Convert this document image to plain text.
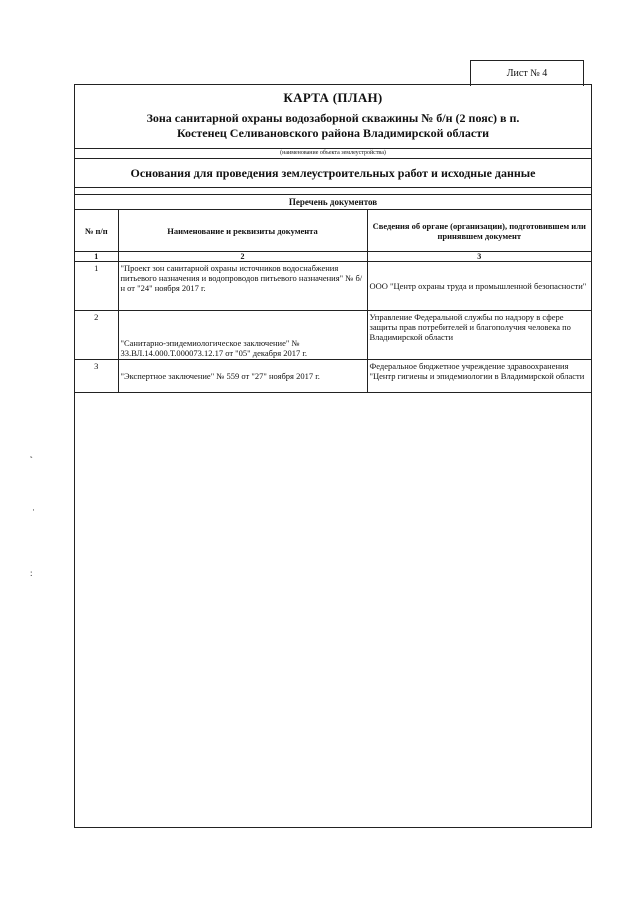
Лист № 4
КАРТА (ПЛАН)
Зона санитарной охраны водозаборной скважины № б/н (2 пояс) в п.
Костенец Селивановского района Владимирской области
(наименование объекта землеустройства)
Основания для проведения землеустроительных работ и исходные данные
Перечень документов
№ п/п	Наименование и реквизиты документа	Сведения об органе (организации), подготовившем или принявшем документ
1	2	3
1	"Проект зон санитарной охраны источников водоснабжения питьевого назначения и водопроводов питьевого назначения" № б/н от "24" ноября 2017 г.	ООО "Центр охраны труда и промышленной безопасности"
2	"Санитарно-эпидемиологическое заключение" № 33.ВЛ.14.000.Т.000073.12.17 от "05" декабря 2017 г.	Управление Федеральной службы по надзору в сфере защиты прав потребителей и благополучия человека по Владимирской области
3	"Экспертное заключение" № 559 от "27" ноября 2017 г.	Федеральное бюджетное учреждение здравоохранения "Центр гигиены и эпидемиологии в Владимирской области
˛
·
:
